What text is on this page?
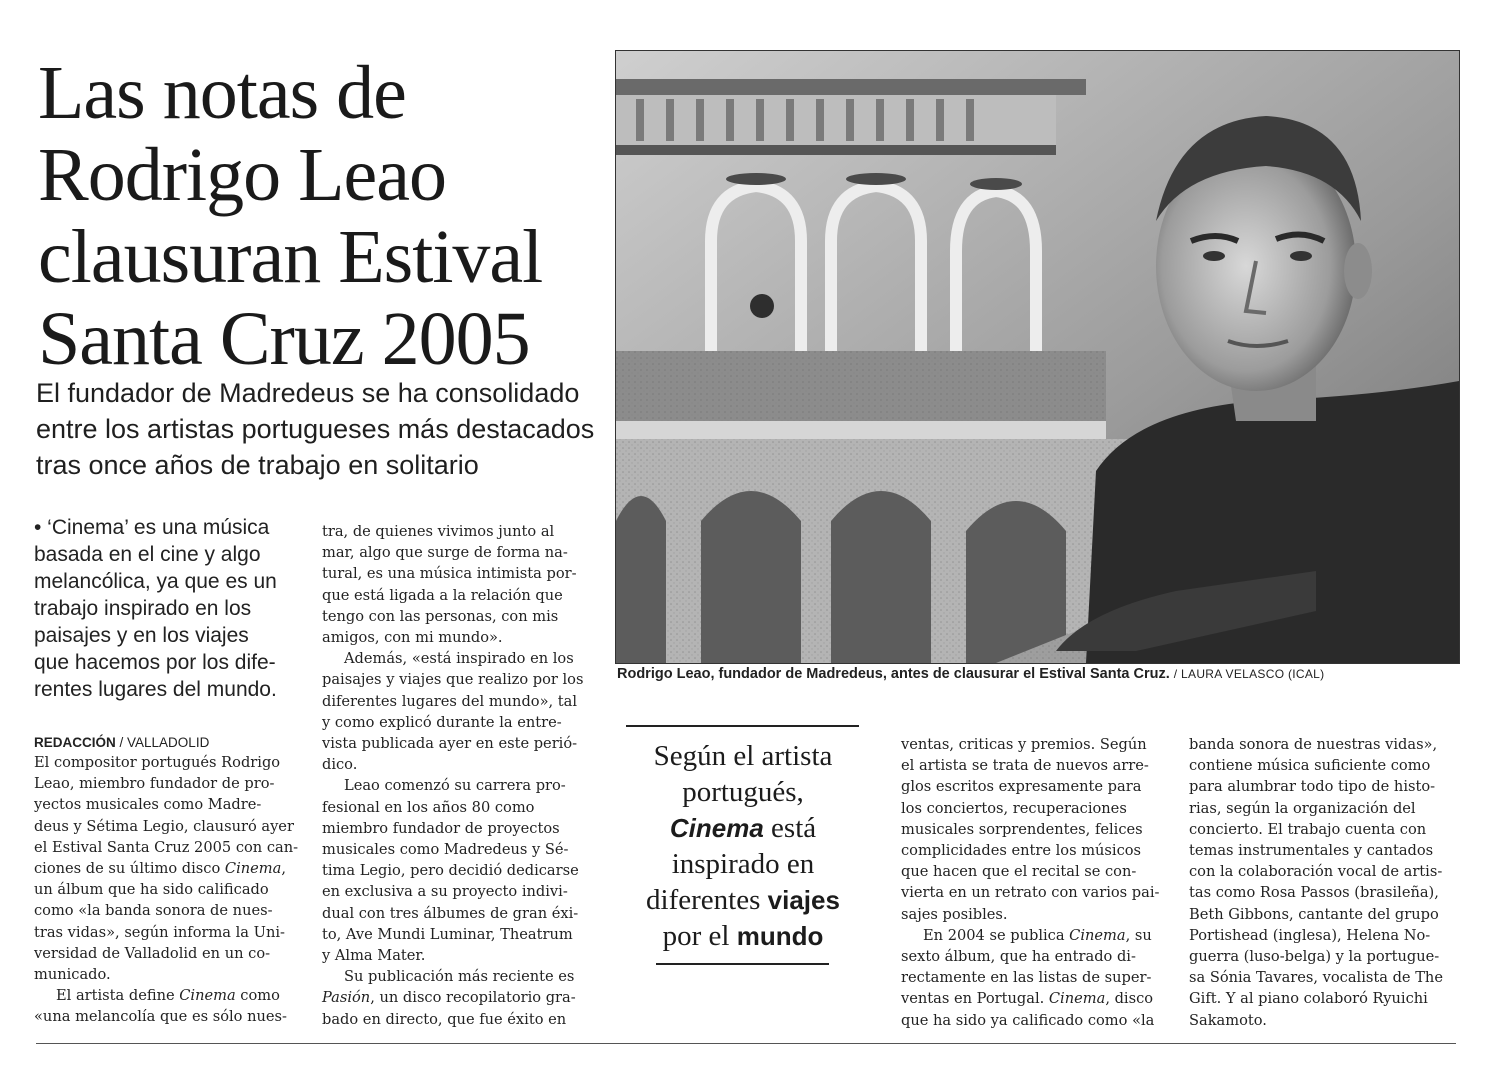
Las notas de
Rodrigo Leao
clausuran Estival
Santa Cruz 2005
El fundador de Madredeus se ha consolidado
entre los artistas portugueses más destacados
tras once años de trabajo en solitario
• ‘Cinema’ es una música
basada en el cine y algo
melancólica, ya que es un
trabajo inspirado en los
paisajes y en los viajes
que hacemos por los dife-
rentes lugares del mundo.
REDACCIÓN / VALLADOLID
El compositor portugués Rodrigo
Leao, miembro fundador de pro-
yectos musicales como Madre-
deus y Sétima Legio, clausuró ayer
el Estival Santa Cruz 2005 con can-
ciones de su último disco Cinema,
un álbum que ha sido calificado
como «la banda sonora de nues-
tras vidas», según informa la Uni-
versidad de Valladolid en un co-
municado.
El artista define Cinema como
«una melancolía que es sólo nues-
tra, de quienes vivimos junto al
mar, algo que surge de forma na-
tural, es una música intimista por-
que está ligada a la relación que
tengo con las personas, con mis
amigos, con mi mundo».
Además, «está inspirado en los
paisajes y viajes que realizo por los
diferentes lugares del mundo», tal
y como explicó durante la entre-
vista publicada ayer en este perió-
dico.
Leao comenzó su carrera pro-
fesional en los años 80 como
miembro fundador de proyectos
musicales como Madredeus y Sé-
tima Legio, pero decidió dedicarse
en exclusiva a su proyecto indivi-
dual con tres álbumes de gran éxi-
to, Ave Mundi Luminar, Theatrum
y Alma Mater.
Su publicación más reciente es
Pasión, un disco recopilatorio gra-
bado en directo, que fue éxito en
Rodrigo Leao, fundador de Madredeus, antes de clausurar el Estival Santa Cruz. / LAURA VELASCO (ICAL)
Según el artista
portugués,
Cinema está
inspirado en
diferentes viajes
por el mundo
ventas, criticas y premios. Según
el artista se trata de nuevos arre-
glos escritos expresamente para
los conciertos, recuperaciones
musicales sorprendentes, felices
complicidades entre los músicos
que hacen que el recital se con-
vierta en un retrato con varios pai-
sajes posibles.
En 2004 se publica Cinema, su
sexto álbum, que ha entrado di-
rectamente en las listas de super-
ventas en Portugal. Cinema, disco
que ha sido ya calificado como «la
banda sonora de nuestras vidas»,
contiene música suficiente como
para alumbrar todo tipo de histo-
rias, según la organización del
concierto. El trabajo cuenta con
temas instrumentales y cantados
con la colaboración vocal de artis-
tas como Rosa Passos (brasileña),
Beth Gibbons, cantante del grupo
Portishead (inglesa), Helena No-
guerra (luso-belga) y la portugue-
sa Sónia Tavares, vocalista de The
Gift. Y al piano colaboró Ryuichi
Sakamoto.
